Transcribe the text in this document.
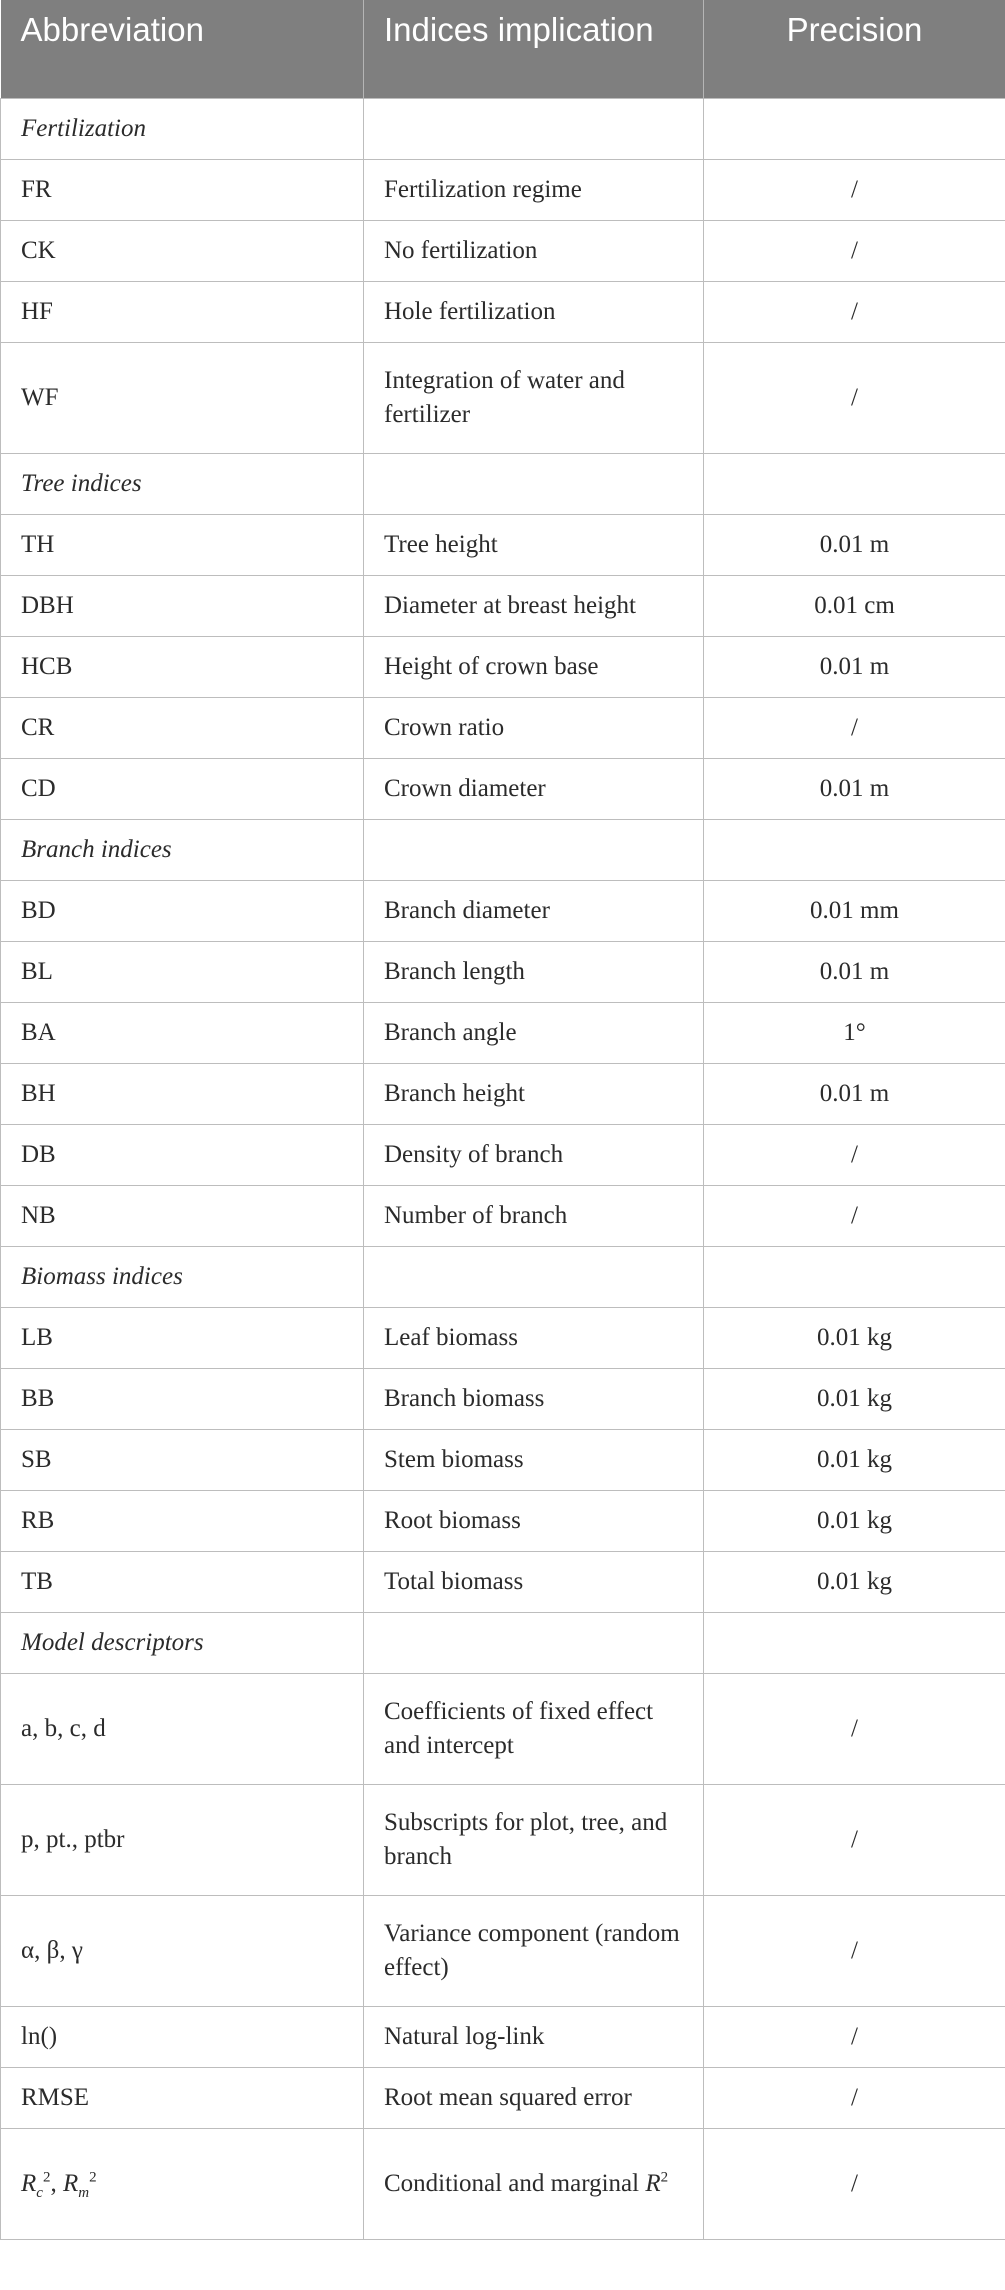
Abbreviation	Indices implication	Precision
Fertilization		
FR	Fertilization regime	/
CK	No fertilization	/
HF	Hole fertilization	/
WF	Integration of water and fertilizer	/
Tree indices		
TH	Tree height	0.01 m
DBH	Diameter at breast height	0.01 cm
HCB	Height of crown base	0.01 m
CR	Crown ratio	/
CD	Crown diameter	0.01 m
Branch indices		
BD	Branch diameter	0.01 mm
BL	Branch length	0.01 m
BA	Branch angle	1°
BH	Branch height	0.01 m
DB	Density of branch	/
NB	Number of branch	/
Biomass indices		
LB	Leaf biomass	0.01 kg
BB	Branch biomass	0.01 kg
SB	Stem biomass	0.01 kg
RB	Root biomass	0.01 kg
TB	Total biomass	0.01 kg
Model descriptors		
a, b, c, d	Coefficients of fixed effect and intercept	/
p, pt., ptbr	Subscripts for plot, tree, and branch	/
α, β, γ	Variance component (random effect)	/
ln()	Natural log-link	/
RMSE	Root mean squared error	/
$R_c^2$, $R_m^2$	Conditional and marginal $R^2$	/
